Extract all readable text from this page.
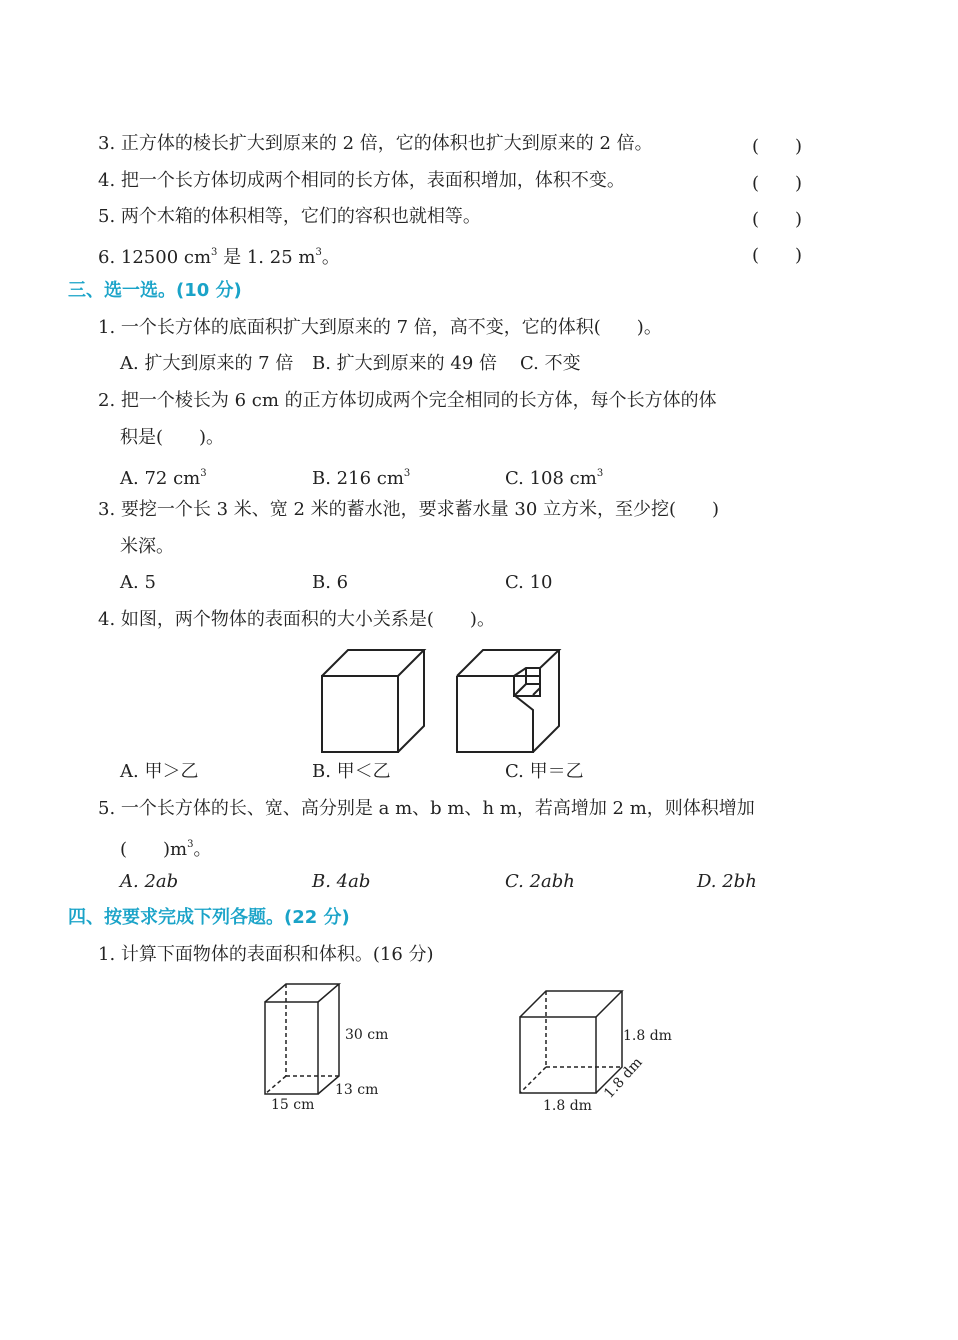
3. 正方体的棱长扩大到原来的 2 倍，它的体积也扩大到原来的 2 倍。	(　　)
4. 把一个长方体切成两个相同的长方体，表面积增加，体积不变。	(　　)
5. 两个木箱的体积相等，它们的容积也就相等。	(　　)
6. 12500 $cm^3$ 是 1. 25 $m^3$。	(　　)
三、选一选。(10 分)
1. 一个长方体的底面积扩大到原来的 7 倍，高不变，它的体积(　　)。
A. 扩大到原来的 7 倍 B. 扩大到原来的 49 倍 C. 不变
2. 把一个棱长为 6 cm 的正方体切成两个完全相同的长方体，每个长方体的体
积是(　　)。
A. 72 $cm^3$	B. 216 $cm^3$	C. 108 $cm^3$
3. 要挖一个长 3 米、宽 2 米的蓄水池，要求蓄水量 30 立方米，至少挖(　　)
米深。
A. 5	B. 6	C. 10
4. 如图，两个物体的表面积的大小关系是(　　)。
A. 甲＞乙	B. 甲＜乙	C. 甲＝乙
5. 一个长方体的长、宽、高分别是 a m、b m、h m，若高增加 2 m，则体积增加
(　　)$m^3$。
A. 2ab	B. 4ab	C. 2abh	D. 2bh
四、按要求完成下列各题。(22 分)
1. 计算下面物体的表面积和体积。(16 分)
30 cm
13 cm
15 cm
1.8 dm
1.8 dm
1.8 dm
